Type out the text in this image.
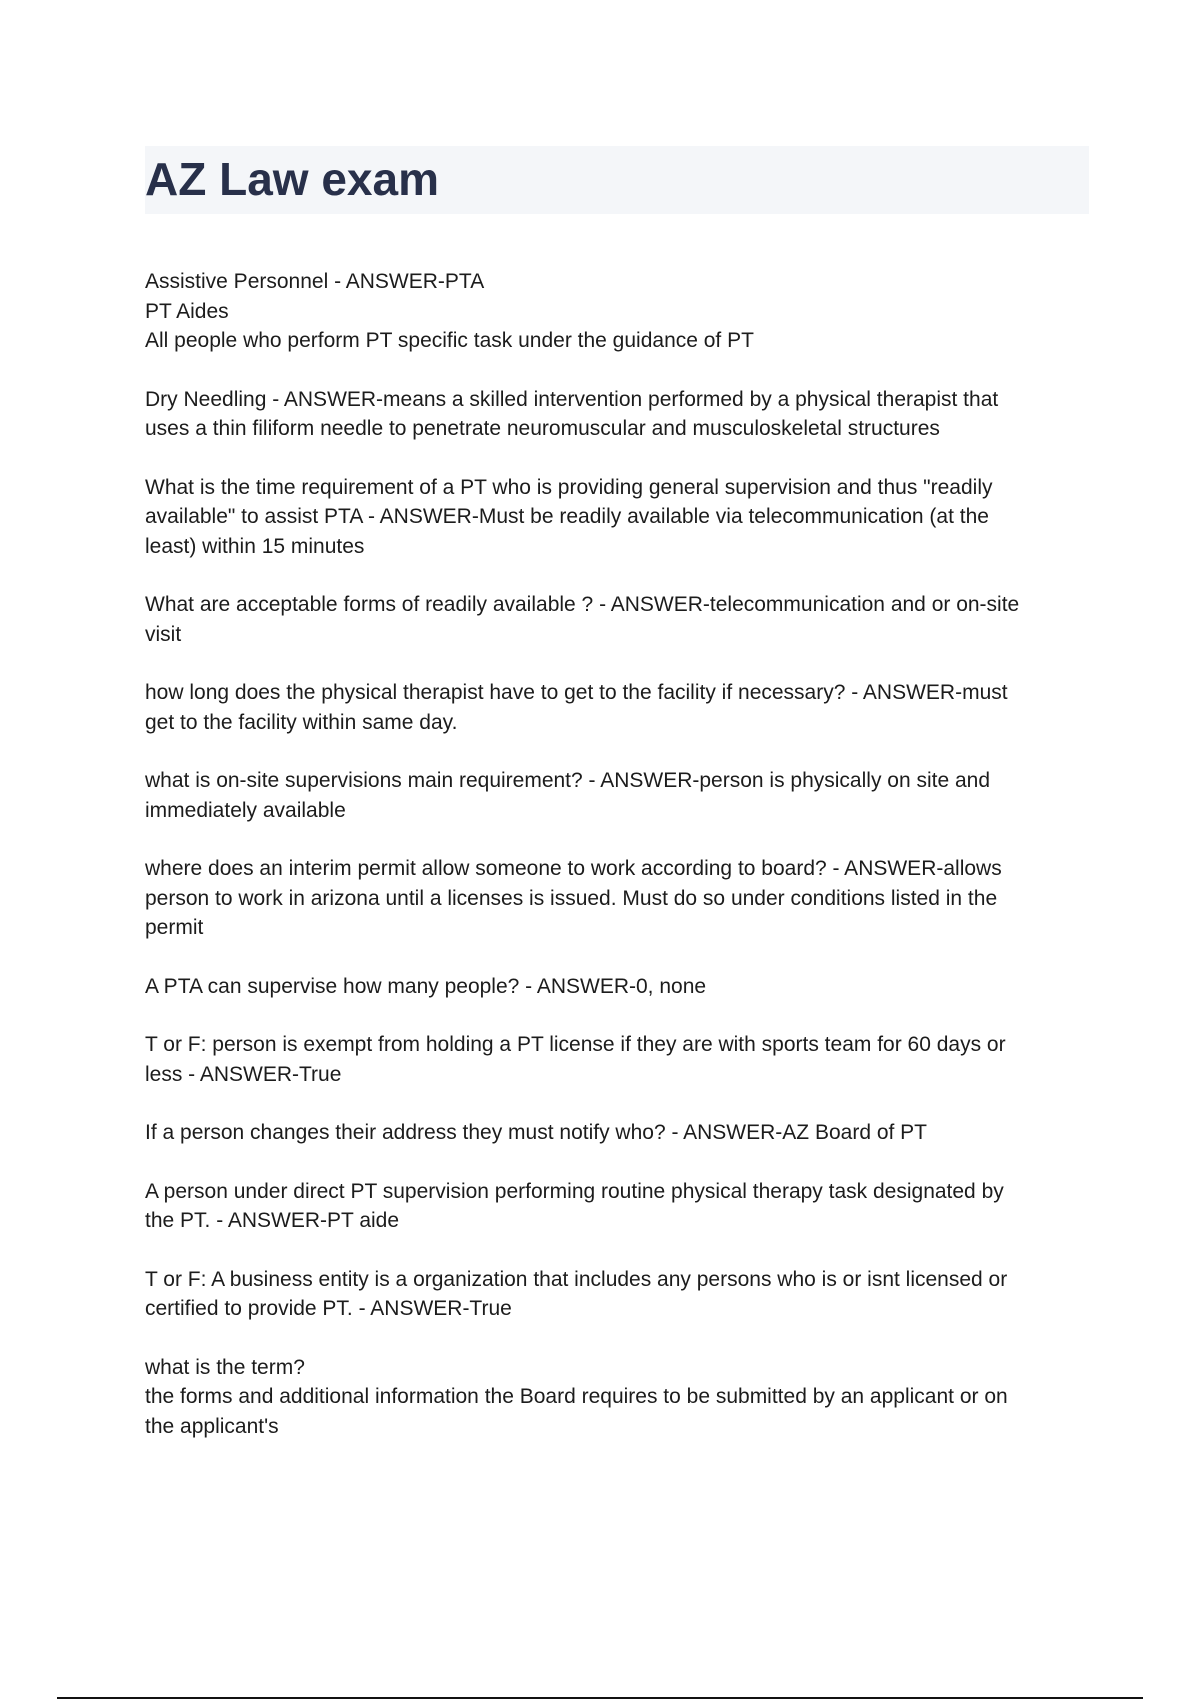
AZ Law exam

Assistive Personnel - ANSWER-PTA
PT Aides
All people who perform PT specific task under the guidance of PT

Dry Needling - ANSWER-means a skilled intervention performed by a physical therapist that
uses a thin filiform needle to penetrate neuromuscular and musculoskeletal structures

What is the time requirement of a PT who is providing general supervision and thus "readily
available" to assist PTA - ANSWER-Must be readily available via telecommunication (at the
least) within 15 minutes

What are acceptable forms of readily available ? - ANSWER-telecommunication and or on-site
visit

how long does the physical therapist have to get to the facility if necessary? - ANSWER-must
get to the facility within same day.

what is on-site supervisions main requirement? - ANSWER-person is physically on site and
immediately available

where does an interim permit allow someone to work according to board? - ANSWER-allows
person to work in arizona until a licenses is issued. Must do so under conditions listed in the
permit

A PTA can supervise how many people? - ANSWER-0, none

T or F: person is exempt from holding a PT license if they are with sports team for 60 days or
less - ANSWER-True

If a person changes their address they must notify who? - ANSWER-AZ Board of PT

A person under direct PT supervision performing routine physical therapy task designated by
the PT. - ANSWER-PT aide

T or F: A business entity is a organization that includes any persons who is or isnt licensed or
certified to provide PT. - ANSWER-True

what is the term?
the forms and additional information the Board requires to be submitted by an applicant or on
the applicant's
